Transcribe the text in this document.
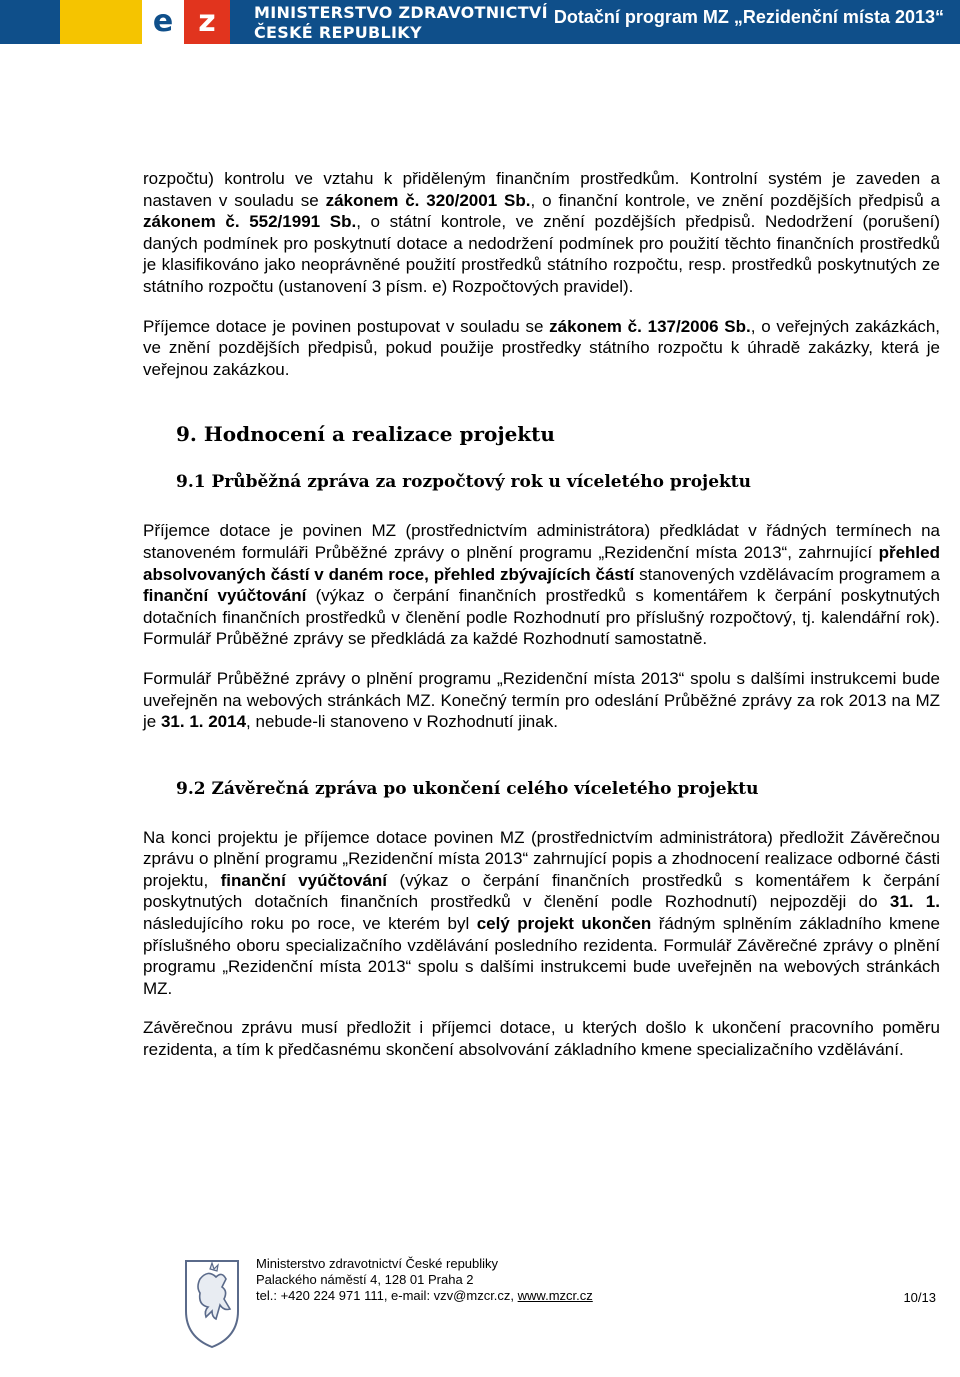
e z	MINISTERSTVO ZDRAVOTNICTVÍ
ČESKÉ REPUBLIKY
Dotační program MZ „Rezidenční místa 2013“

rozpočtu) kontrolu ve vztahu k přiděleným finančním prostředkům. Kontrolní systém je zaveden a nastaven v souladu se zákonem č. 320/2001 Sb., o finanční kontrole, ve znění pozdějších předpisů a zákonem č. 552/1991 Sb., o státní kontrole, ve znění pozdějších předpisů. Nedodržení (porušení) daných podmínek pro poskytnutí dotace a nedodržení podmínek pro použití těchto finančních prostředků je klasifikováno jako neoprávněné použití prostředků státního rozpočtu, resp. prostředků poskytnutých ze státního rozpočtu (ustanovení 3 písm. e) Rozpočtových pravidel).

Příjemce dotace je povinen postupovat v souladu se zákonem č. 137/2006 Sb., o veřejných zakázkách, ve znění pozdějších předpisů, pokud použije prostředky státního rozpočtu k úhradě zakázky, která je veřejnou zakázkou.

9. Hodnocení a realizace projektu
9.1 Průběžná zpráva za rozpočtový rok u víceletého projektu

Příjemce dotace je povinen MZ (prostřednictvím administrátora) předkládat v řádných termínech na stanoveném formuláři Průběžné zprávy o plnění programu „Rezidenční místa 2013“, zahrnující přehled absolvovaných částí v daném roce, přehled zbývajících částí stanovených vzdělávacím programem a finanční vyúčtování (výkaz o čerpání finančních prostředků s komentářem k čerpání poskytnutých dotačních finančních prostředků v členění podle Rozhodnutí pro příslušný rozpočtový, tj. kalendářní rok). Formulář Průběžné zprávy se předkládá za každé Rozhodnutí samostatně.

Formulář Průběžné zprávy o plnění programu „Rezidenční místa 2013“ spolu s dalšími instrukcemi bude uveřejněn na webových stránkách MZ. Konečný termín pro odeslání Průběžné zprávy za rok 2013 na MZ je 31. 1. 2014, nebude-li stanoveno v Rozhodnutí jinak.

9.2 Závěrečná zpráva po ukončení celého víceletého projektu

Na konci projektu je příjemce dotace povinen MZ (prostřednictvím administrátora) předložit Závěrečnou zprávu o plnění programu „Rezidenční místa 2013“ zahrnující popis a zhodnocení realizace odborné části projektu, finanční vyúčtování (výkaz o čerpání finančních prostředků s komentářem k čerpání poskytnutých dotačních finančních prostředků v členění podle Rozhodnutí) nejpozději do 31. 1. následujícího roku po roce, ve kterém byl celý projekt ukončen řádným splněním základního kmene příslušného oboru specializačního vzdělávání posledního rezidenta. Formulář Závěrečné zprávy o plnění programu „Rezidenční místa 2013“ spolu s dalšími instrukcemi bude uveřejněn na webových stránkách MZ.

Závěrečnou zprávu musí předložit i příjemci dotace, u kterých došlo k ukončení pracovního poměru rezidenta, a tím k předčasnému skončení absolvování základního kmene specializačního vzdělávání.

Ministerstvo zdravotnictví České republiky
Palackého náměstí 4, 128 01 Praha 2
tel.: +420 224 971 111, e-mail: vzv@mzcr.cz, www.mzcr.cz	10/13
